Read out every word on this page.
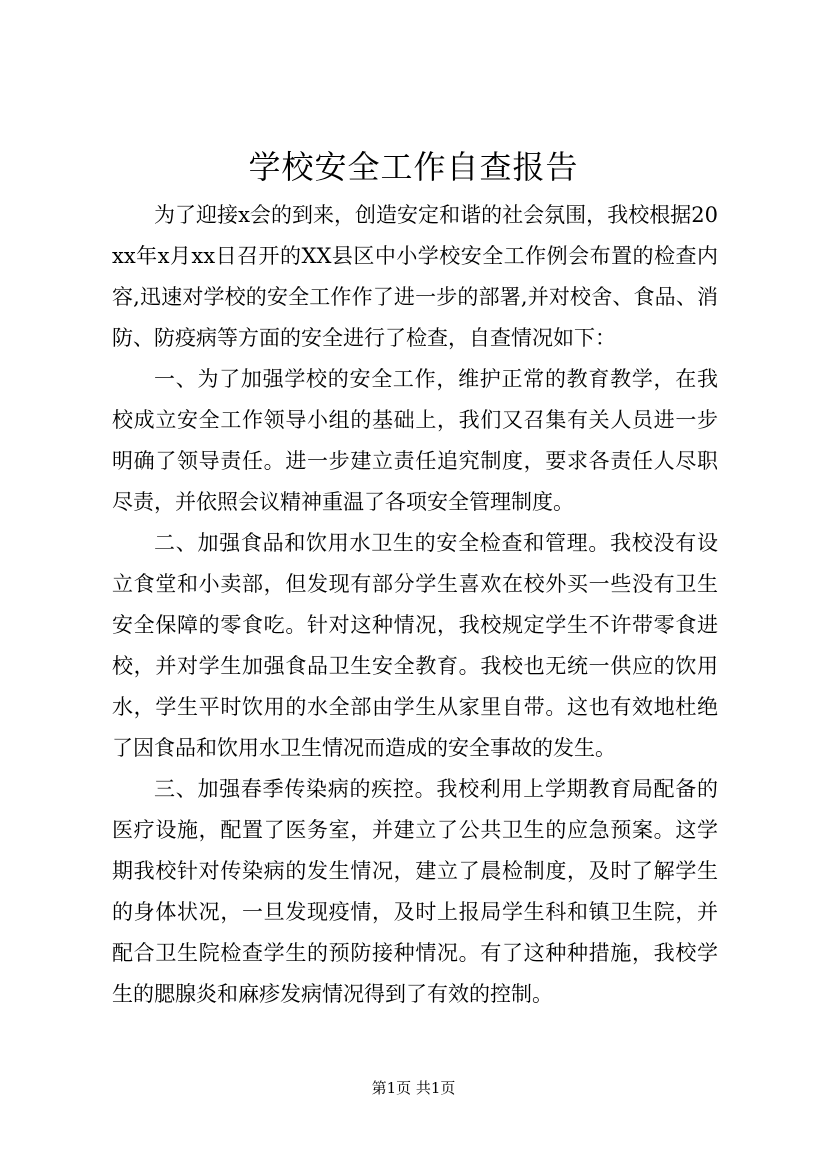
学校安全工作自查报告

为了迎接x会的到来，创造安定和谐的社会氛围，我校根据20xx年x月xx日召开的XX县区中小学校安全工作例会布置的检查内容,迅速对学校的安全工作作了进一步的部署,并对校舍、食品、消防、防疫病等方面的安全进行了检查，自查情况如下：

一、为了加强学校的安全工作，维护正常的教育教学，在我校成立安全工作领导小组的基础上，我们又召集有关人员进一步明确了领导责任。进一步建立责任追究制度，要求各责任人尽职尽责，并依照会议精神重温了各项安全管理制度。

二、加强食品和饮用水卫生的安全检查和管理。我校没有设立食堂和小卖部，但发现有部分学生喜欢在校外买一些没有卫生安全保障的零食吃。针对这种情况，我校规定学生不许带零食进校，并对学生加强食品卫生安全教育。我校也无统一供应的饮用水，学生平时饮用的水全部由学生从家里自带。这也有效地杜绝了因食品和饮用水卫生情况而造成的安全事故的发生。

三、加强春季传染病的疾控。我校利用上学期教育局配备的医疗设施，配置了医务室，并建立了公共卫生的应急预案。这学期我校针对传染病的发生情况，建立了晨检制度，及时了解学生的身体状况，一旦发现疫情，及时上报局学生科和镇卫生院，并配合卫生院检查学生的预防接种情况。有了这种种措施，我校学生的腮腺炎和麻疹发病情况得到了有效的控制。

第1页 共1页
